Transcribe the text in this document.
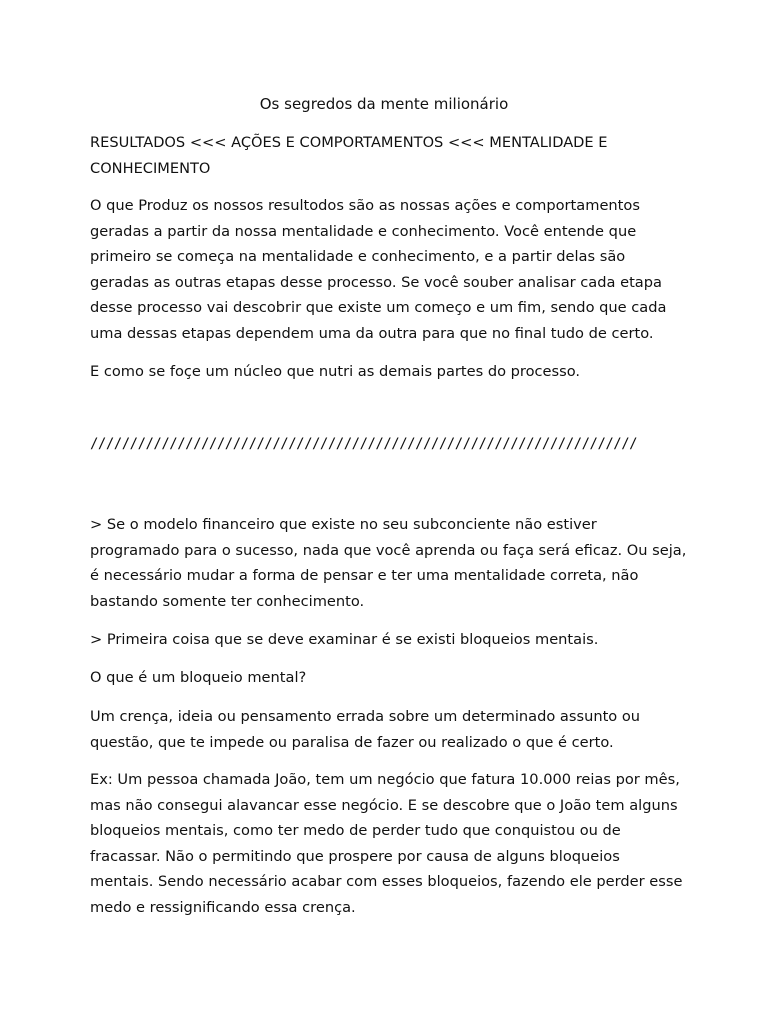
Os segredos da mente milionário
RESULTADOS <<< AÇÕES E COMPORTAMENTOS <<< MENTALIDADE E
CONHECIMENTO
O que Produz os nossos resultodos são as nossas ações e comportamentos
geradas a partir da nossa mentalidade e conhecimento. Você entende que
primeiro se começa na mentalidade e conhecimento, e a partir delas são
geradas as outras etapas desse processo. Se você souber analisar cada etapa
desse processo vai descobrir que existe um começo e um fim, sendo que cada
uma dessas etapas dependem uma da outra para que no final tudo de certo.
E como se foçe um núcleo que nutri as demais partes do processo.
/////////////////////////////////////////////////////////////////////
> Se o modelo financeiro que existe no seu subconciente não estiver
programado para o sucesso, nada que você aprenda ou faça será eficaz. Ou seja,
é necessário mudar a forma de pensar e ter uma mentalidade correta, não
bastando somente ter conhecimento.
> Primeira coisa que se deve examinar é se existi bloqueios mentais.
O que é um bloqueio mental?
Um crença, ideia ou pensamento errada sobre um determinado assunto ou
questão, que te impede ou paralisa de fazer ou realizado o que é certo.
Ex: Um pessoa chamada João, tem um negócio que fatura 10.000 reias por mês,
mas não consegui alavancar esse negócio. E se descobre que o João tem alguns
bloqueios mentais, como ter medo de perder tudo que conquistou ou de
fracassar. Não o permitindo que prospere por causa de alguns bloqueios
mentais. Sendo necessário acabar com esses bloqueios, fazendo ele perder esse
medo e ressignificando essa crença.
